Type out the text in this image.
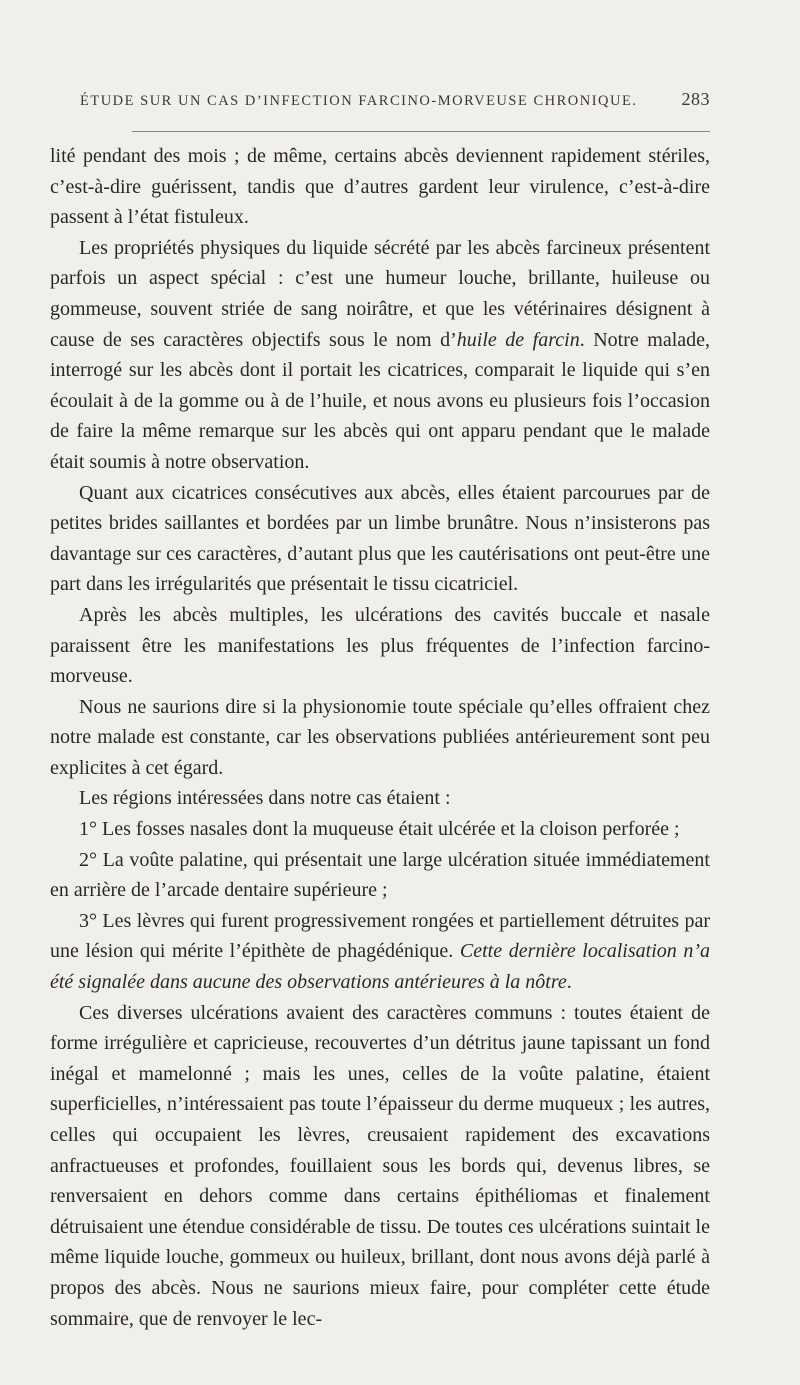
ÉTUDE SUR UN CAS D’INFECTION FARCINO-MORVEUSE CHRONIQUE. 283

lité pendant des mois ; de même, certains abcès deviennent rapidement stériles, c’est-à-dire guérissent, tandis que d’autres gardent leur virulence, c’est-à-dire passent à l’état fistuleux.

Les propriétés physiques du liquide sécrété par les abcès farcineux présentent parfois un aspect spécial : c’est une humeur louche, brillante, huileuse ou gommeuse, souvent striée de sang noirâtre, et que les vétérinaires désignent à cause de ses caractères objectifs sous le nom d’huile de farcin. Notre malade, interrogé sur les abcès dont il portait les cicatrices, comparait le liquide qui s’en écoulait à de la gomme ou à de l’huile, et nous avons eu plusieurs fois l’occasion de faire la même remarque sur les abcès qui ont apparu pendant que le malade était soumis à notre observation.

Quant aux cicatrices consécutives aux abcès, elles étaient parcourues par de petites brides saillantes et bordées par un limbe brunâtre. Nous n’insisterons pas davantage sur ces caractères, d’autant plus que les cautérisations ont peut-être une part dans les irrégularités que présentait le tissu cicatriciel.

Après les abcès multiples, les ulcérations des cavités buccale et nasale paraissent être les manifestations les plus fréquentes de l’infection farcino-morveuse.

Nous ne saurions dire si la physionomie toute spéciale qu’elles offraient chez notre malade est constante, car les observations publiées antérieurement sont peu explicites à cet égard.

Les régions intéressées dans notre cas étaient :

1° Les fosses nasales dont la muqueuse était ulcérée et la cloison perforée ;

2° La voûte palatine, qui présentait une large ulcération située immédiatement en arrière de l’arcade dentaire supérieure ;

3° Les lèvres qui furent progressivement rongées et partiellement détruites par une lésion qui mérite l’épithète de phagédénique. Cette dernière localisation n’a été signalée dans aucune des observations antérieures à la nôtre.

Ces diverses ulcérations avaient des caractères communs : toutes étaient de forme irrégulière et capricieuse, recouvertes d’un détritus jaune tapissant un fond inégal et mamelonné ; mais les unes, celles de la voûte palatine, étaient superficielles, n’intéressaient pas toute l’épaisseur du derme muqueux ; les autres, celles qui occupaient les lèvres, creusaient rapidement des excavations anfractueuses et profondes, fouillaient sous les bords qui, devenus libres, se renversaient en dehors comme dans certains épithéliomas et finalement détruisaient une étendue considérable de tissu. De toutes ces ulcérations suintait le même liquide louche, gommeux ou huileux, brillant, dont nous avons déjà parlé à propos des abcès. Nous ne saurions mieux faire, pour compléter cette étude sommaire, que de renvoyer le lec-
